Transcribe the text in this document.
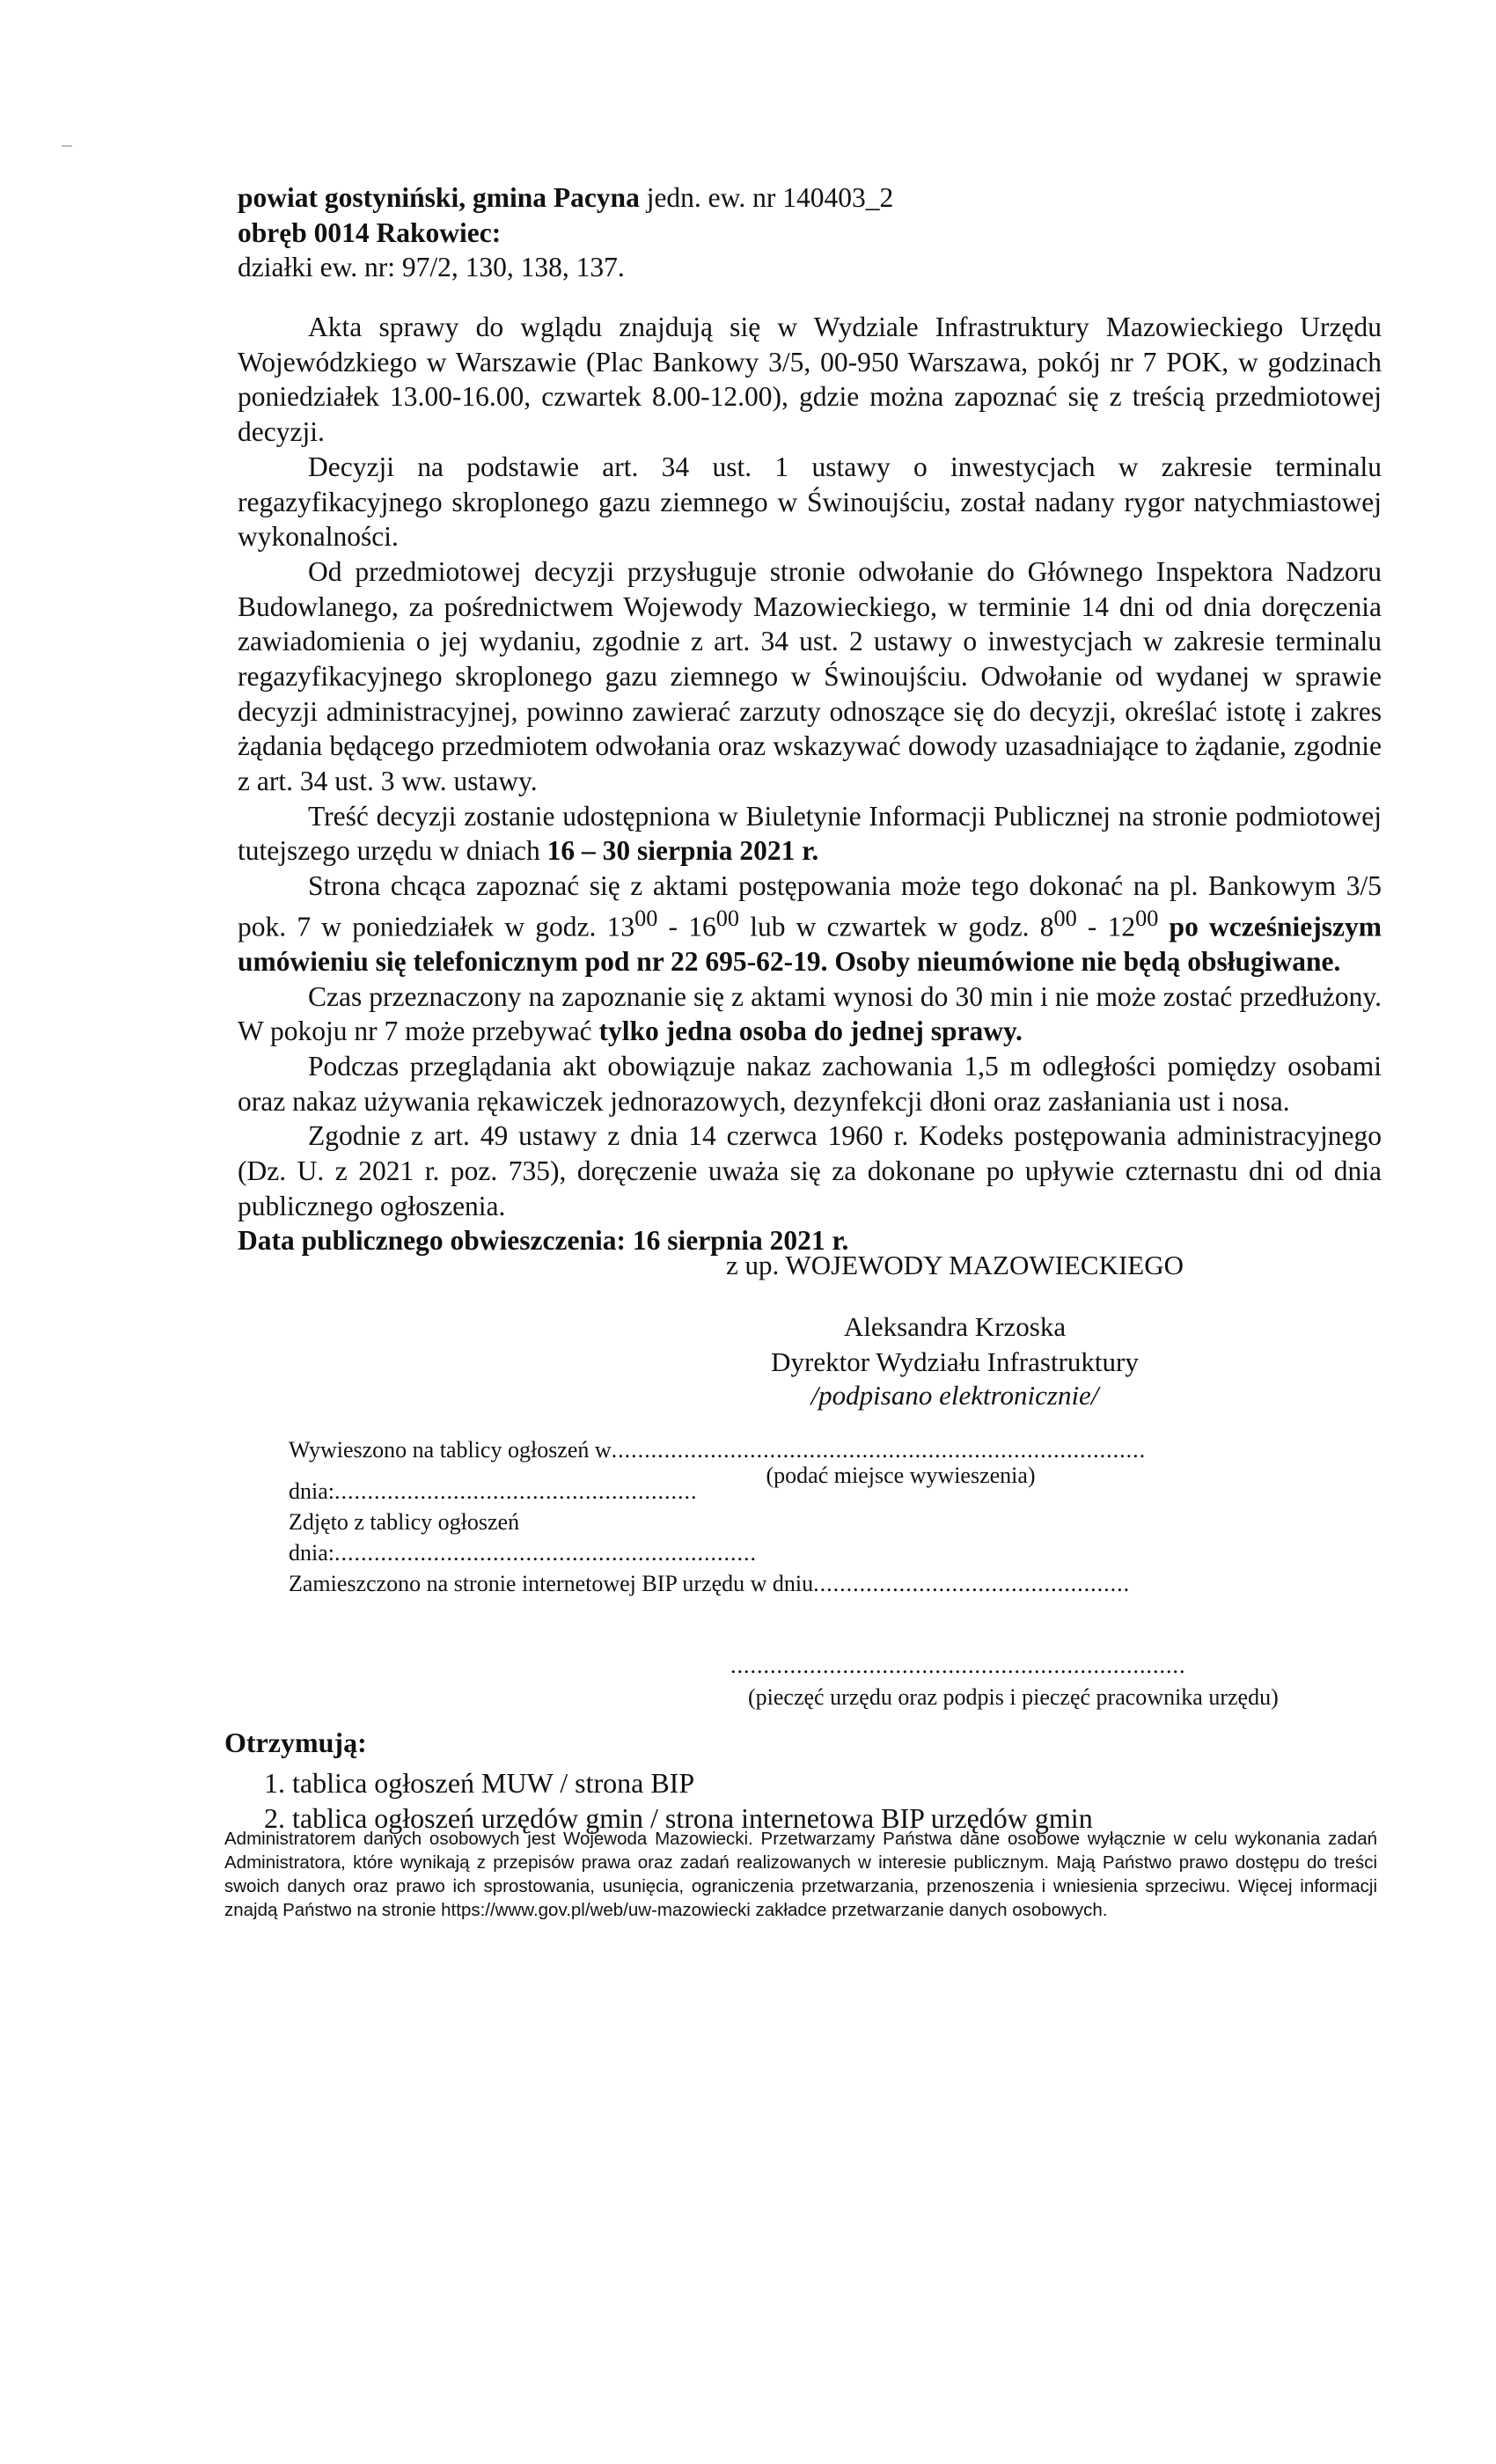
powiat gostyniński, gmina Pacyna jedn. ew. nr 140403_2

obręb 0014 Rakowiec:

działki ew. nr: 97/2, 130, 138, 137.

Akta sprawy do wglądu znajdują się w Wydziale Infrastruktury Mazowieckiego Urzędu Wojewódzkiego w Warszawie (Plac Bankowy 3/5, 00-950 Warszawa, pokój nr 7 POK, w godzinach poniedziałek 13.00-16.00, czwartek 8.00-12.00), gdzie można zapoznać się z treścią przedmiotowej decyzji.

Decyzji na podstawie art. 34 ust. 1 ustawy o inwestycjach w zakresie terminalu regazyfikacyjnego skroplonego gazu ziemnego w Świnoujściu, został nadany rygor natychmiastowej wykonalności.

Od przedmiotowej decyzji przysługuje stronie odwołanie do Głównego Inspektora Nadzoru Budowlanego, za pośrednictwem Wojewody Mazowieckiego, w terminie 14 dni od dnia doręczenia zawiadomienia o jej wydaniu, zgodnie z art. 34 ust. 2 ustawy o inwestycjach w zakresie terminalu regazyfikacyjnego skroplonego gazu ziemnego w Świnoujściu. Odwołanie od wydanej w sprawie decyzji administracyjnej, powinno zawierać zarzuty odnoszące się do decyzji, określać istotę i zakres żądania będącego przedmiotem odwołania oraz wskazywać dowody uzasadniające to żądanie, zgodnie z art. 34 ust. 3 ww. ustawy.

Treść decyzji zostanie udostępniona w Biuletynie Informacji Publicznej na stronie podmiotowej tutejszego urzędu w dniach 16 – 30 sierpnia 2021 r.

Strona chcąca zapoznać się z aktami postępowania może tego dokonać na pl. Bankowym 3/5 pok. 7 w poniedziałek w godz. $13^{00} - 16^{00}$ lub w czwartek w godz. $8^{00} - 12^{00}$ po wcześniejszym umówieniu się telefonicznym pod nr 22 695-62-19. Osoby nieumówione nie będą obsługiwane.

Czas przeznaczony na zapoznanie się z aktami wynosi do 30 min i nie może zostać przedłużony. W pokoju nr 7 może przebywać tylko jedna osoba do jednej sprawy.

Podczas przeglądania akt obowiązuje nakaz zachowania 1,5 m odległości pomiędzy osobami oraz nakaz używania rękawiczek jednorazowych, dezynfekcji dłoni oraz zasłaniania ust i nosa.

Zgodnie z art. 49 ustawy z dnia 14 czerwca 1960 r. Kodeks postępowania administracyjnego (Dz. U. z 2021 r. poz. 735), doręczenie uważa się za dokonane po upływie czternastu dni od dnia publicznego ogłoszenia.

Data publicznego obwieszczenia: 16 sierpnia 2021 r.

z up. WOJEWODY MAZOWIECKIEGO
Aleksandra Krzoska
Dyrektor Wydziału Infrastruktury
/podpisano elektronicznie/
Wywieszono na tablicy ogłoszeń w.................................................................................
dnia:.......................................................
(podać miejsce wywieszenia)
Zdjęto z tablicy ogłoszeń
dnia:................................................................
Zamieszczono na stronie internetowej BIP urzędu w dniu................................................
.....................................................................
(pieczęć urzędu oraz podpis i pieczęć pracownika urzędu)
Otrzymują:
1. tablica ogłoszeń MUW / strona BIP
2. tablica ogłoszeń urzędów gmin / strona internetowa BIP urzędów gmin
Administratorem danych osobowych jest Wojewoda Mazowiecki. Przetwarzamy Państwa dane osobowe wyłącznie w celu wykonania zadań Administratora, które wynikają z przepisów prawa oraz zadań realizowanych w interesie publicznym. Mają Państwo prawo dostępu do treści swoich danych oraz prawo ich sprostowania, usunięcia, ograniczenia przetwarzania, przenoszenia i wniesienia sprzeciwu. Więcej informacji znajdą Państwo na stronie https://www.gov.pl/web/uw-mazowiecki zakładce przetwarzanie danych osobowych.
